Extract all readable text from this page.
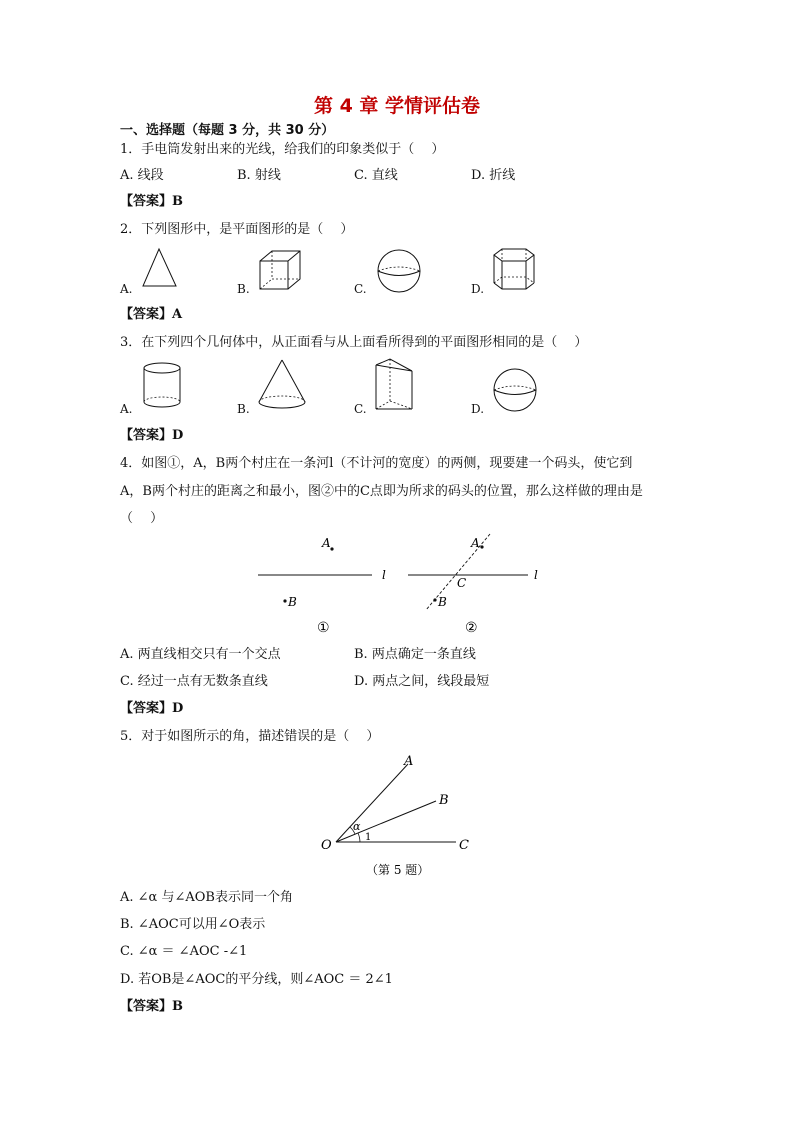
第 4 章 学情评估卷
一、选择题（每题 3 分，共 30 分）
1．手电筒发射出来的光线，给我们的印象类似于（　 ）
A. 线段	B. 射线	C. 直线	D. 折线
【答案】B
2．下列图形中，是平面图形的是（　 ）
A.	B.	C.	D.
【答案】A
3．在下列四个几何体中，从正面看与从上面看所得到的平面图形相同的是（　 ）
A.	B.	C.	D.
【答案】D
4．如图①，A，B两个村庄在一条河l（不计河的宽度）的两侧，现要建一个码头，使它到
A，B两个村庄的距离之和最小，图②中的C点即为所求的码头的位置，那么这样做的理由是
（　 ）
A
B
l
①
A
B
C
l
②
A. 两直线相交只有一个交点	B. 两点确定一条直线
C. 经过一点有无数条直线	D. 两点之间，线段最短
【答案】D
5．对于如图所示的角，描述错误的是（　 ）
O
A
B
C
α
1
（第 5 题）
A. ∠α 与∠AOB表示同一个角
B. ∠AOC可以用∠O表示
C. ∠α ＝ ∠AOC -∠1
D. 若OB是∠AOC的平分线，则∠AOC ＝ 2∠1
【答案】B
